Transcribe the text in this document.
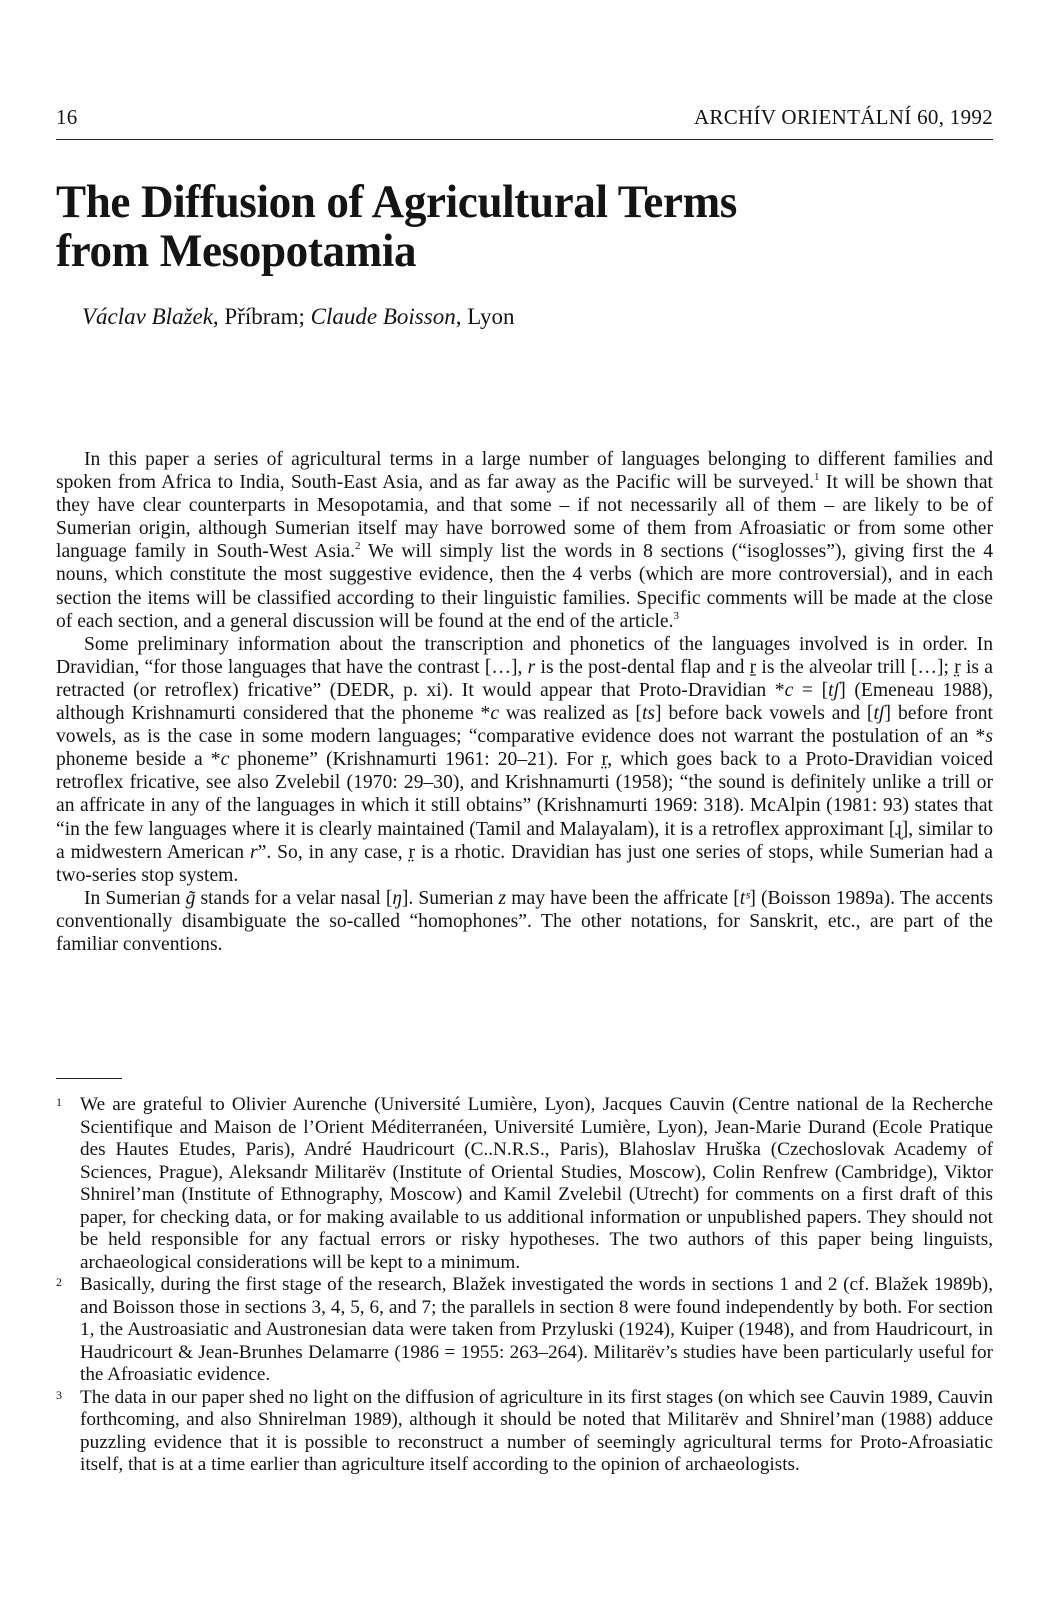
16	ARCHÍV ORIENTÁLNÍ 60, 1992
The Diffusion of Agricultural Terms
from Mesopotamia
Václav Blažek, Příbram; Claude Boisson, Lyon

In this paper a series of agricultural terms in a large number of languages belonging to different families and spoken from Africa to India, South-East Asia, and as far away as the Pacific will be surveyed.$^1$ It will be shown that they have clear counterparts in Mesopotamia, and that some – if not necessarily all of them – are likely to be of Sumerian origin, although Sumerian itself may have borrowed some of them from Afroasiatic or from some other language family in South-West Asia.$^2$ We will simply list the words in 8 sections (“isoglosses”), giving first the 4 nouns, which constitute the most suggestive evidence, then the 4 verbs (which are more controversial), and in each section the items will be classified according to their linguistic families. Specific comments will be made at the close of each section, and a general discussion will be found at the end of the article.$^3$

Some preliminary information about the transcription and phonetics of the languages involved is in order. In Dravidian, “for those languages that have the contrast […], r is the post-dental flap and ṟ is the alveolar trill […]; r̤ is a retracted (or retroflex) fricative” (DEDR, p. xi). It would appear that Proto-Dravidian *c = [tʃ] (Emeneau 1988), although Krishnamurti considered that the phoneme *c was realized as [ts] before back vowels and [tʃ] before front vowels, as is the case in some modern languages; “comparative evidence does not warrant the postulation of an *s phoneme beside a *c phoneme” (Krishnamurti 1961: 20–21). For r̤, which goes back to a Proto-Dravidian voiced retroflex fricative, see also Zvelebil (1970: 29–30), and Krishnamurti (1958); “the sound is definitely unlike a trill or an affricate in any of the languages in which it still obtains” (Krishnamurti 1969: 318). McAlpin (1981: 93) states that “in the few languages where it is clearly maintained (Tamil and Malayalam), it is a retroflex approximant [ɻ], similar to a midwestern American r”. So, in any case, r̤ is a rhotic. Dravidian has just one series of stops, while Sumerian had a two-series stop system.

In Sumerian g̃ stands for a velar nasal [ŋ]. Sumerian z may have been the affricate [tˢ] (Boisson 1989a). The accents conventionally disambiguate the so-called “homophones”. The other notations, for Sanskrit, etc., are part of the familiar conventions.

1 We are grateful to Olivier Aurenche (Université Lumière, Lyon), Jacques Cauvin (Centre national de la Recherche Scientifique and Maison de l’Orient Méditerranéen, Université Lumière, Lyon), Jean-Marie Durand (Ecole Pratique des Hautes Etudes, Paris), André Haudricourt (C..N.R.S., Paris), Blahoslav Hruška (Czechoslovak Academy of Sciences, Prague), Aleksandr Militarëv (Institute of Oriental Studies, Moscow), Colin Renfrew (Cambridge), Viktor Shnirel’man (Institute of Ethnography, Moscow) and Kamil Zvelebil (Utrecht) for comments on a first draft of this paper, for checking data, or for making available to us additional information or unpublished papers. They should not be held responsible for any factual errors or risky hypotheses. The two authors of this paper being linguists, archaeological considerations will be kept to a minimum.

2 Basically, during the first stage of the research, Blažek investigated the words in sections 1 and 2 (cf. Blažek 1989b), and Boisson those in sections 3, 4, 5, 6, and 7; the parallels in section 8 were found independently by both. For section 1, the Austroasiatic and Austronesian data were taken from Przyluski (1924), Kuiper (1948), and from Haudricourt, in Haudricourt & Jean-Brunhes Delamarre (1986 = 1955: 263–264). Militarëv’s studies have been particularly useful for the Afroasiatic evidence.

3 The data in our paper shed no light on the diffusion of agriculture in its first stages (on which see Cauvin 1989, Cauvin forthcoming, and also Shnirelman 1989), although it should be noted that Militarëv and Shnirel’man (1988) adduce puzzling evidence that it is possible to reconstruct a number of seemingly agricultural terms for Proto-Afroasiatic itself, that is at a time earlier than agriculture itself according to the opinion of archaeologists.
